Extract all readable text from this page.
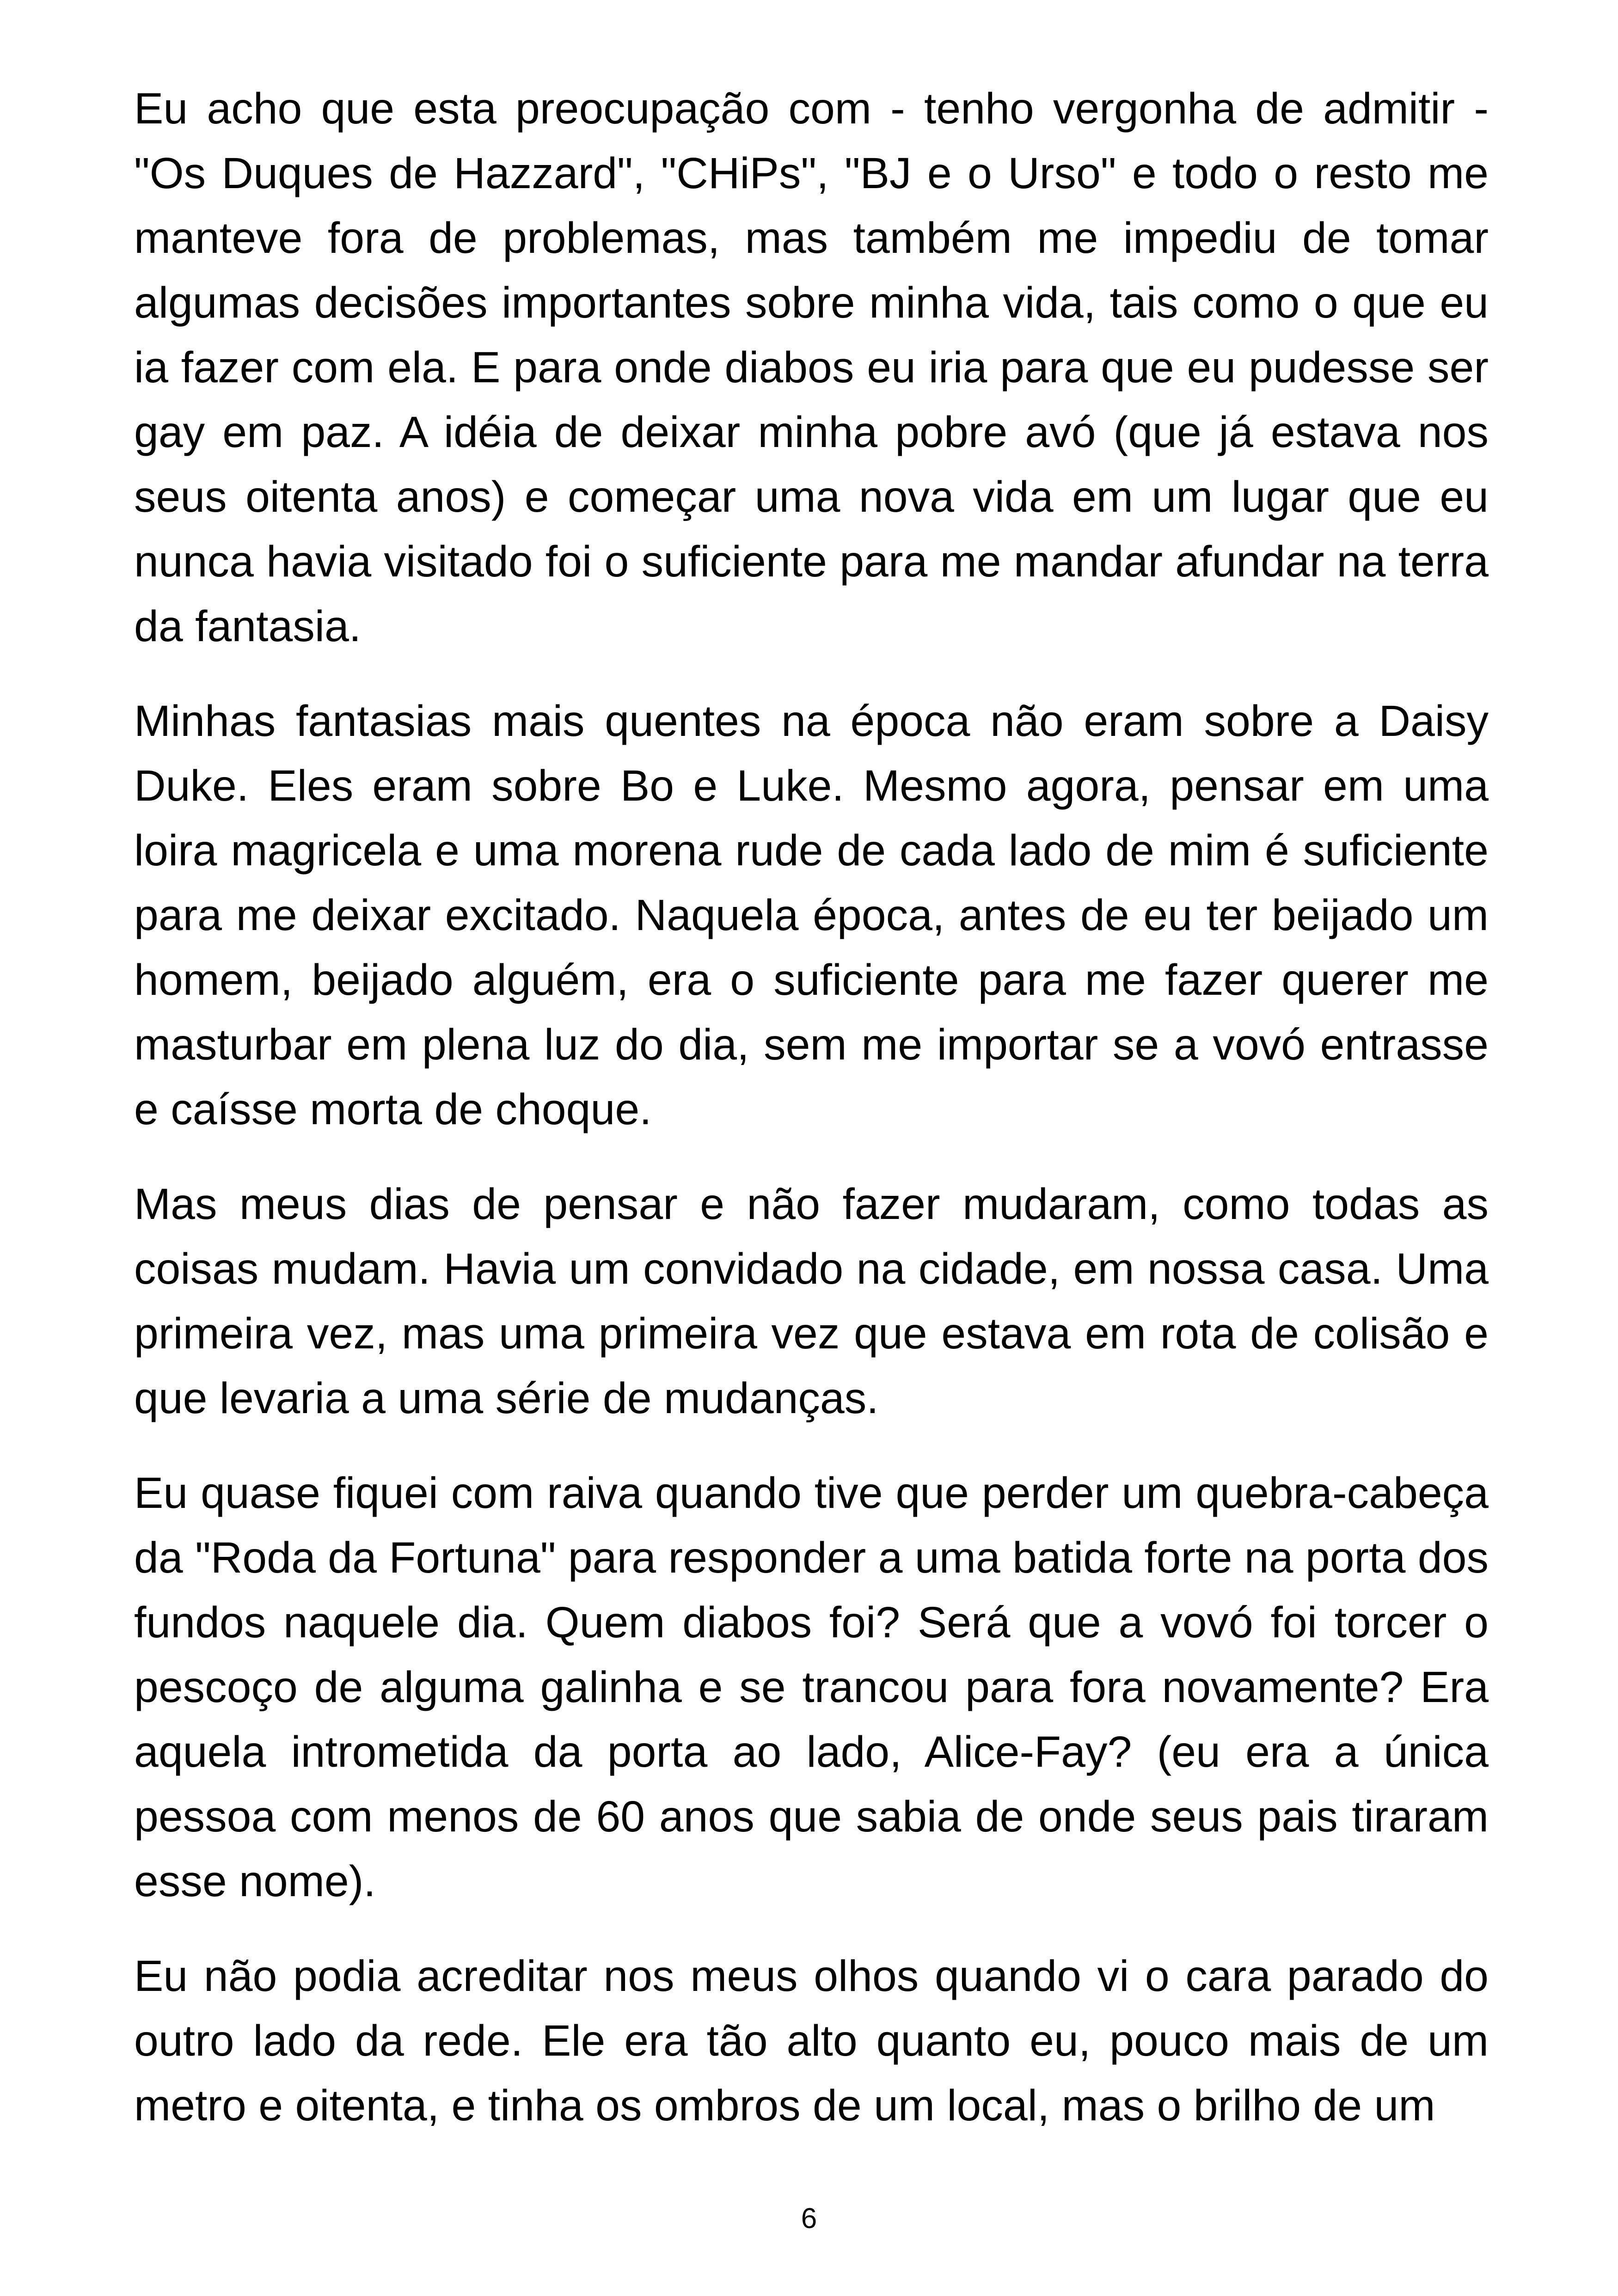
Eu acho que esta preocupação com - tenho vergonha de admitir - "Os Duques de Hazzard", "CHiPs", "BJ e o Urso" e todo o resto me manteve fora de problemas, mas também me impediu de tomar algumas decisões importantes sobre minha vida, tais como o que eu ia fazer com ela. E para onde diabos eu iria para que eu pudesse ser gay em paz. A idéia de deixar minha pobre avó (que já estava nos seus oitenta anos) e começar uma nova vida em um lugar que eu nunca havia visitado foi o suficiente para me mandar afundar na terra da fantasia.

Minhas fantasias mais quentes na época não eram sobre a Daisy Duke. Eles eram sobre Bo e Luke. Mesmo agora, pensar em uma loira magricela e uma morena rude de cada lado de mim é suficiente para me deixar excitado. Naquela época, antes de eu ter beijado um homem, beijado alguém, era o suficiente para me fazer querer me masturbar em plena luz do dia, sem me importar se a vovó entrasse e caísse morta de choque.

Mas meus dias de pensar e não fazer mudaram, como todas as coisas mudam. Havia um convidado na cidade, em nossa casa. Uma primeira vez, mas uma primeira vez que estava em rota de colisão e que levaria a uma série de mudanças.

Eu quase fiquei com raiva quando tive que perder um quebra-cabeça da "Roda da Fortuna" para responder a uma batida forte na porta dos fundos naquele dia. Quem diabos foi? Será que a vovó foi torcer o pescoço de alguma galinha e se trancou para fora novamente? Era aquela intrometida da porta ao lado, Alice-Fay? (eu era a única pessoa com menos de 60 anos que sabia de onde seus pais tiraram esse nome).

Eu não podia acreditar nos meus olhos quando vi o cara parado do outro lado da rede. Ele era tão alto quanto eu, pouco mais de um metro e oitenta, e tinha os ombros de um local, mas o brilho de um

6
